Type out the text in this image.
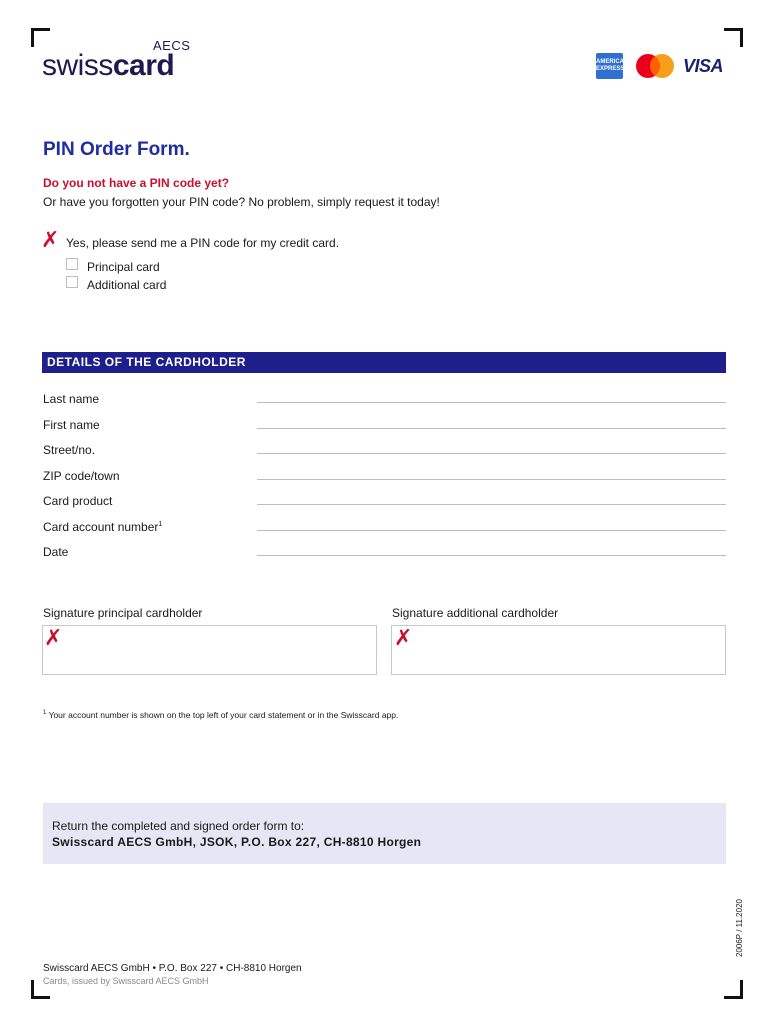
AECS
swisscard	AMERICAN EXPRESS	VISA
PIN Order Form.
Do you not have a PIN code yet?
Or have you forgotten your PIN code? No problem, simply request it today!
✗ Yes, please send me a PIN code for my credit card.
Principal card
Additional card
DETAILS OF THE CARDHOLDER
Last name
First name
Street/no.
ZIP code/town
Card product
Card account number$^1$
Date
Signature principal cardholder	Signature additional cardholder
✗	✗
$^1$ Your account number is shown on the top left of your card statement or in the Swisscard app.
Return the completed and signed order form to:
Swisscard AECS GmbH, JSOK, P.O. Box 227, CH-8810 Horgen
Swisscard AECS GmbH • P.O. Box 227 • CH-8810 Horgen
Cards, issued by Swisscard AECS GmbH
2006P / 11.2020
